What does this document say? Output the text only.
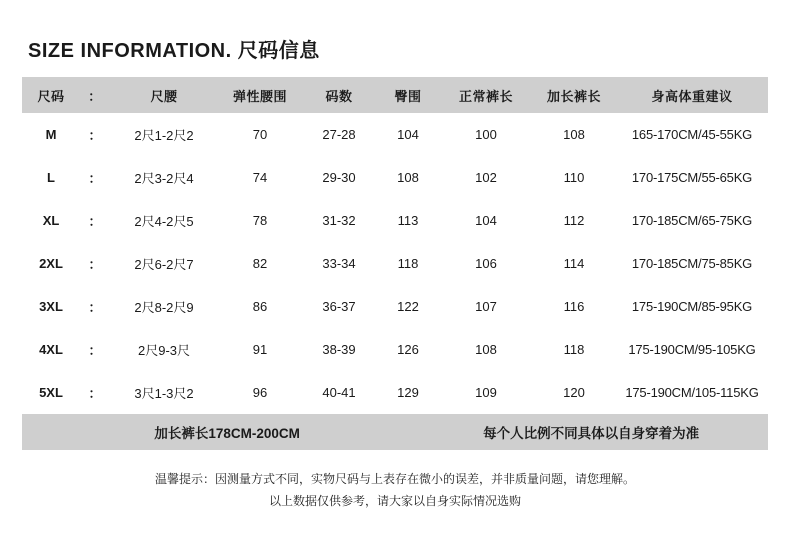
SIZE INFORMATION. 尺码信息
尺码	：	尺腰	弹性腰围	码数	臀围	正常裤长	加长裤长	身高体重建议
M	：	2尺1-2尺2	70	27-28	104	100	108	165-170CM/45-55KG
L	：	2尺3-2尺4	74	29-30	108	102	110	170-175CM/55-65KG
XL	：	2尺4-2尺5	78	31-32	113	104	112	170-185CM/65-75KG
2XL	：	2尺6-2尺7	82	33-34	118	106	114	170-185CM/75-85KG
3XL	：	2尺8-2尺9	86	36-37	122	107	116	175-190CM/85-95KG
4XL	：	2尺9-3尺	91	38-39	126	108	118	175-190CM/95-105KG
5XL	：	3尺1-3尺2	96	40-41	129	109	120	175-190CM/105-115KG
加长裤长178CM-200CM	每个人比例不同具体以自身穿着为准
温馨提示：因测量方式不同，实物尺码与上表存在微小的误差，并非质量问题，请您理解。
以上数据仅供参考，请大家以自身实际情况选购
